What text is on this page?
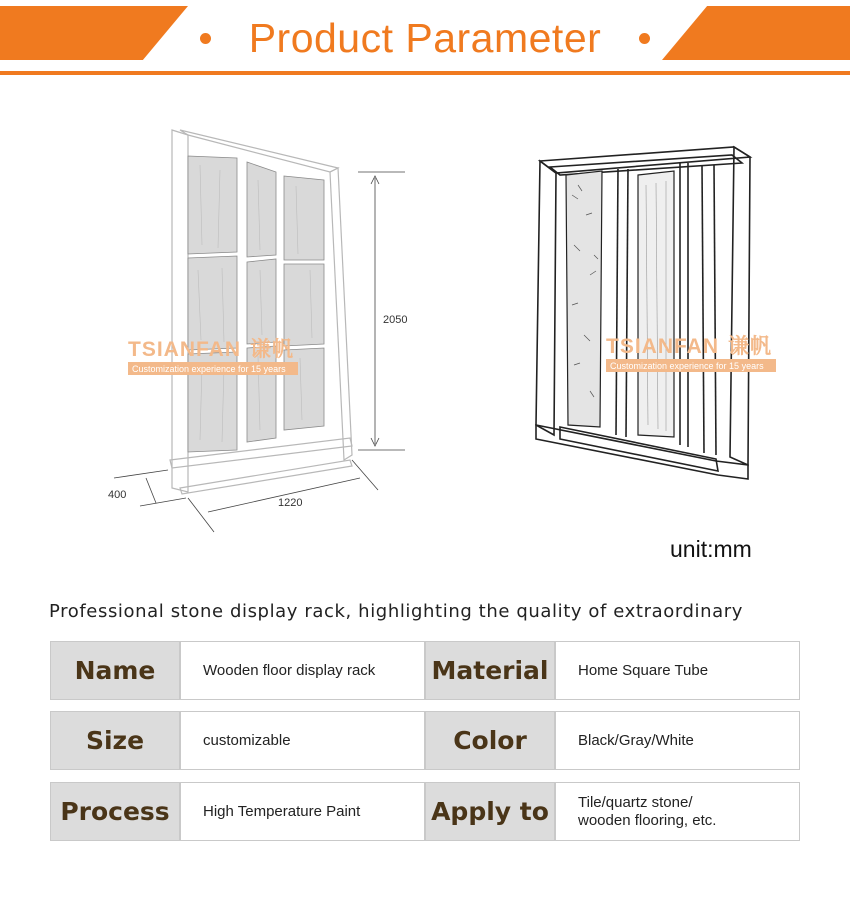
Product Parameter
2050
1220
400
TSIANFAN 谦帆
Customization experience for 15 years
TSIANFAN 谦帆
Customization experience for 15 years
unit:mm
Professional stone display rack, highlighting the quality of extraordinary
Name	Wooden floor display rack	Material	Home Square Tube
Size	customizable	Color	Black/Gray/White
Process	High Temperature Paint	Apply to	Tile/quartz stone/
wooden flooring, etc.
